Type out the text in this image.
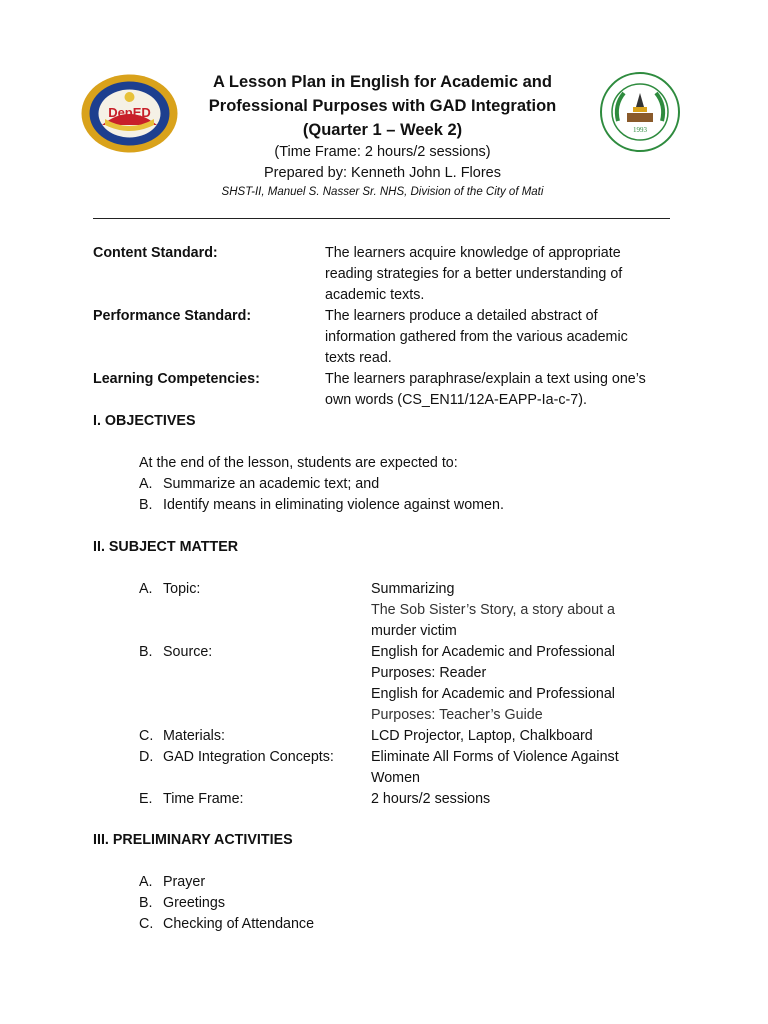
DepED
A Lesson Plan in English for Academic and
Professional Purposes with GAD Integration
(Quarter 1 – Week 2)
(Time Frame: 2 hours/2 sessions)
Prepared by: Kenneth John L. Flores
SHST-II, Manuel S. Nasser Sr. NHS, Division of the City of Mati
1993
Content Standard:	The learners acquire knowledge of appropriate
reading strategies for a better understanding of
academic texts.
Performance Standard:	The learners produce a detailed abstract of
information gathered from the various academic
texts read.
Learning Competencies:	The learners paraphrase/explain a text using one’s
own words (CS_EN11/12A-EAPP-Ia-c-7).
I. OBJECTIVES
At the end of the lesson, students are expected to:
A. Summarize an academic text; and
B. Identify means in eliminating violence against women.
II. SUBJECT MATTER
A. Topic:	Summarizing
The Sob Sister’s Story, a story about a
murder victim
B. Source:	English for Academic and Professional
Purposes: Reader
English for Academic and Professional
Purposes: Teacher’s Guide
C. Materials:	LCD Projector, Laptop, Chalkboard
D. GAD Integration Concepts:	Eliminate All Forms of Violence Against
Women
E. Time Frame:	2 hours/2 sessions
III. PRELIMINARY ACTIVITIES
A. Prayer
B. Greetings
C. Checking of Attendance
